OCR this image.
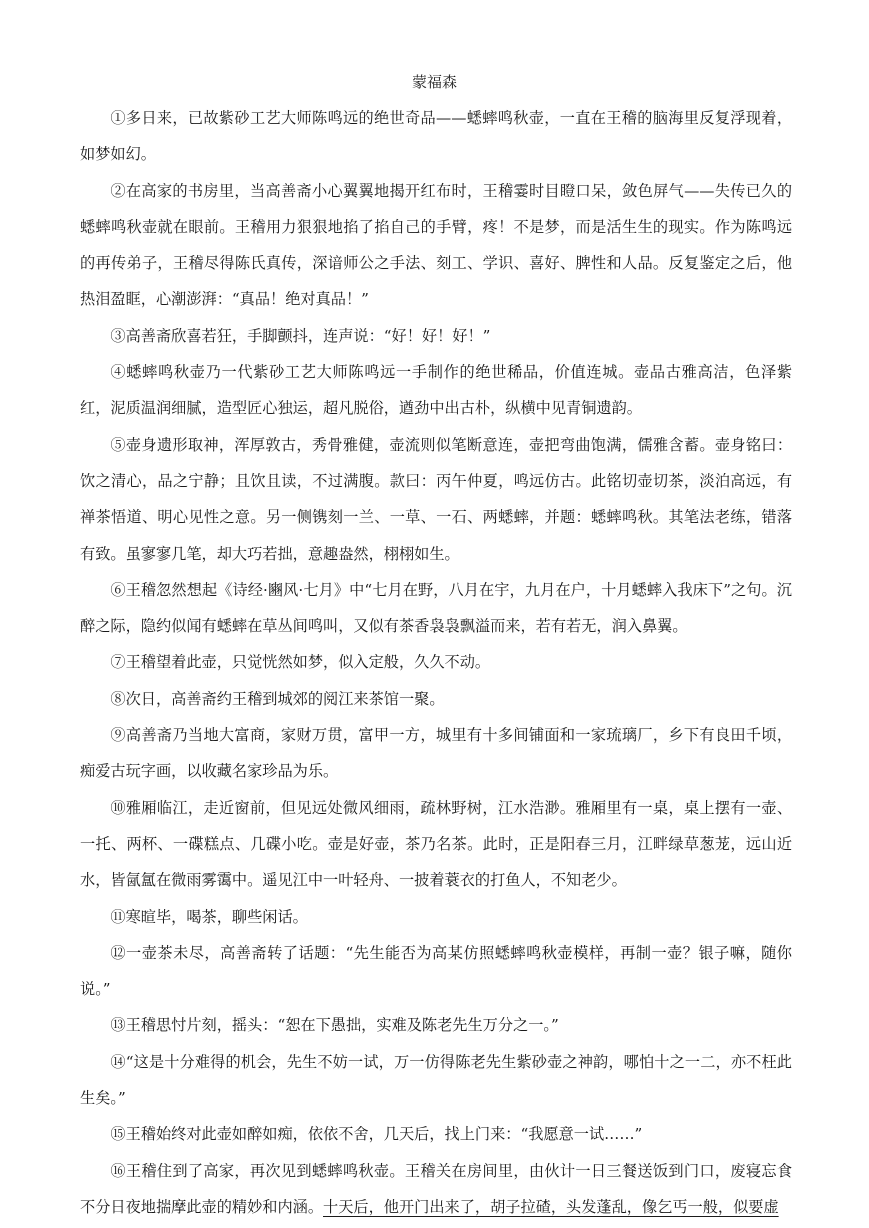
蒙福森

①多日来，已故紫砂工艺大师陈鸣远的绝世奇品——蟋蟀鸣秋壶，一直在王稽的脑海里反复浮现着，如梦如幻。

②在高家的书房里，当高善斋小心翼翼地揭开红布时，王稽霎时目瞪口呆，敛色屏气——失传已久的蟋蟀鸣秋壶就在眼前。王稽用力狠狠地掐了掐自己的手臂，疼！不是梦，而是活生生的现实。作为陈鸣远的再传弟子，王稽尽得陈氏真传，深谙师公之手法、刻工、学识、喜好、脾性和人品。反复鉴定之后，他热泪盈眶，心潮澎湃：“真品！绝对真品！”

③高善斋欣喜若狂，手脚颤抖，连声说：“好！好！好！”

④蟋蟀鸣秋壶乃一代紫砂工艺大师陈鸣远一手制作的绝世稀品，价值连城。壶品古雅高洁，色泽紫红，泥质温润细腻，造型匠心独运，超凡脱俗，遒劲中出古朴，纵横中见青铜遗韵。

⑤壶身遗形取神，浑厚敦古，秀骨雅健，壶流则似笔断意连，壶把弯曲饱满，儒雅含蓄。壶身铭曰：饮之清心，品之宁静；且饮且读，不过满腹。款曰：丙午仲夏，鸣远仿古。此铭切壶切茶，淡泊高远，有禅茶悟道、明心见性之意。另一侧镌刻一兰、一草、一石、两蟋蟀，并题：蟋蟀鸣秋。其笔法老练，错落有致。虽寥寥几笔，却大巧若拙，意趣盎然，栩栩如生。

⑥王稽忽然想起《诗经·豳风·七月》中“七月在野，八月在宇，九月在户，十月蟋蟀入我床下”之句。沉醉之际，隐约似闻有蟋蟀在草丛间鸣叫，又似有茶香袅袅飘溢而来，若有若无，润入鼻翼。

⑦王稽望着此壶，只觉恍然如梦，似入定般，久久不动。

⑧次日，高善斋约王稽到城郊的阅江来茶馆一聚。

⑨高善斋乃当地大富商，家财万贯，富甲一方，城里有十多间铺面和一家琉璃厂，乡下有良田千顷，痴爱古玩字画，以收藏名家珍品为乐。

⑩雅厢临江，走近窗前，但见远处微风细雨，疏林野树，江水浩渺。雅厢里有一桌，桌上摆有一壶、一托、两杯、一碟糕点、几碟小吃。壶是好壶，茶乃名茶。此时，正是阳春三月，江畔绿草葱茏，远山近水，皆氤氲在微雨雾霭中。遥见江中一叶轻舟、一披着蓑衣的打鱼人，不知老少。

⑪寒暄毕，喝茶，聊些闲话。

⑫一壶茶未尽，高善斋转了话题：“先生能否为高某仿照蟋蟀鸣秋壶模样，再制一壶？银子嘛，随你说。”

⑬王稽思忖片刻，摇头：“恕在下愚拙，实难及陈老先生万分之一。”

⑭“这是十分难得的机会，先生不妨一试，万一仿得陈老先生紫砂壶之神韵，哪怕十之一二，亦不枉此生矣。”

⑮王稽始终对此壶如醉如痴，依依不舍，几天后，找上门来：“我愿意一试……”

⑯王稽住到了高家，再次见到蟋蟀鸣秋壶。王稽关在房间里，由伙计一日三餐送饭到门口，废寝忘食不分日夜地揣摩此壶的精妙和内涵。十天后，他开门出来了，胡子拉碴，头发蓬乱，像乞丐一般，似要虚
